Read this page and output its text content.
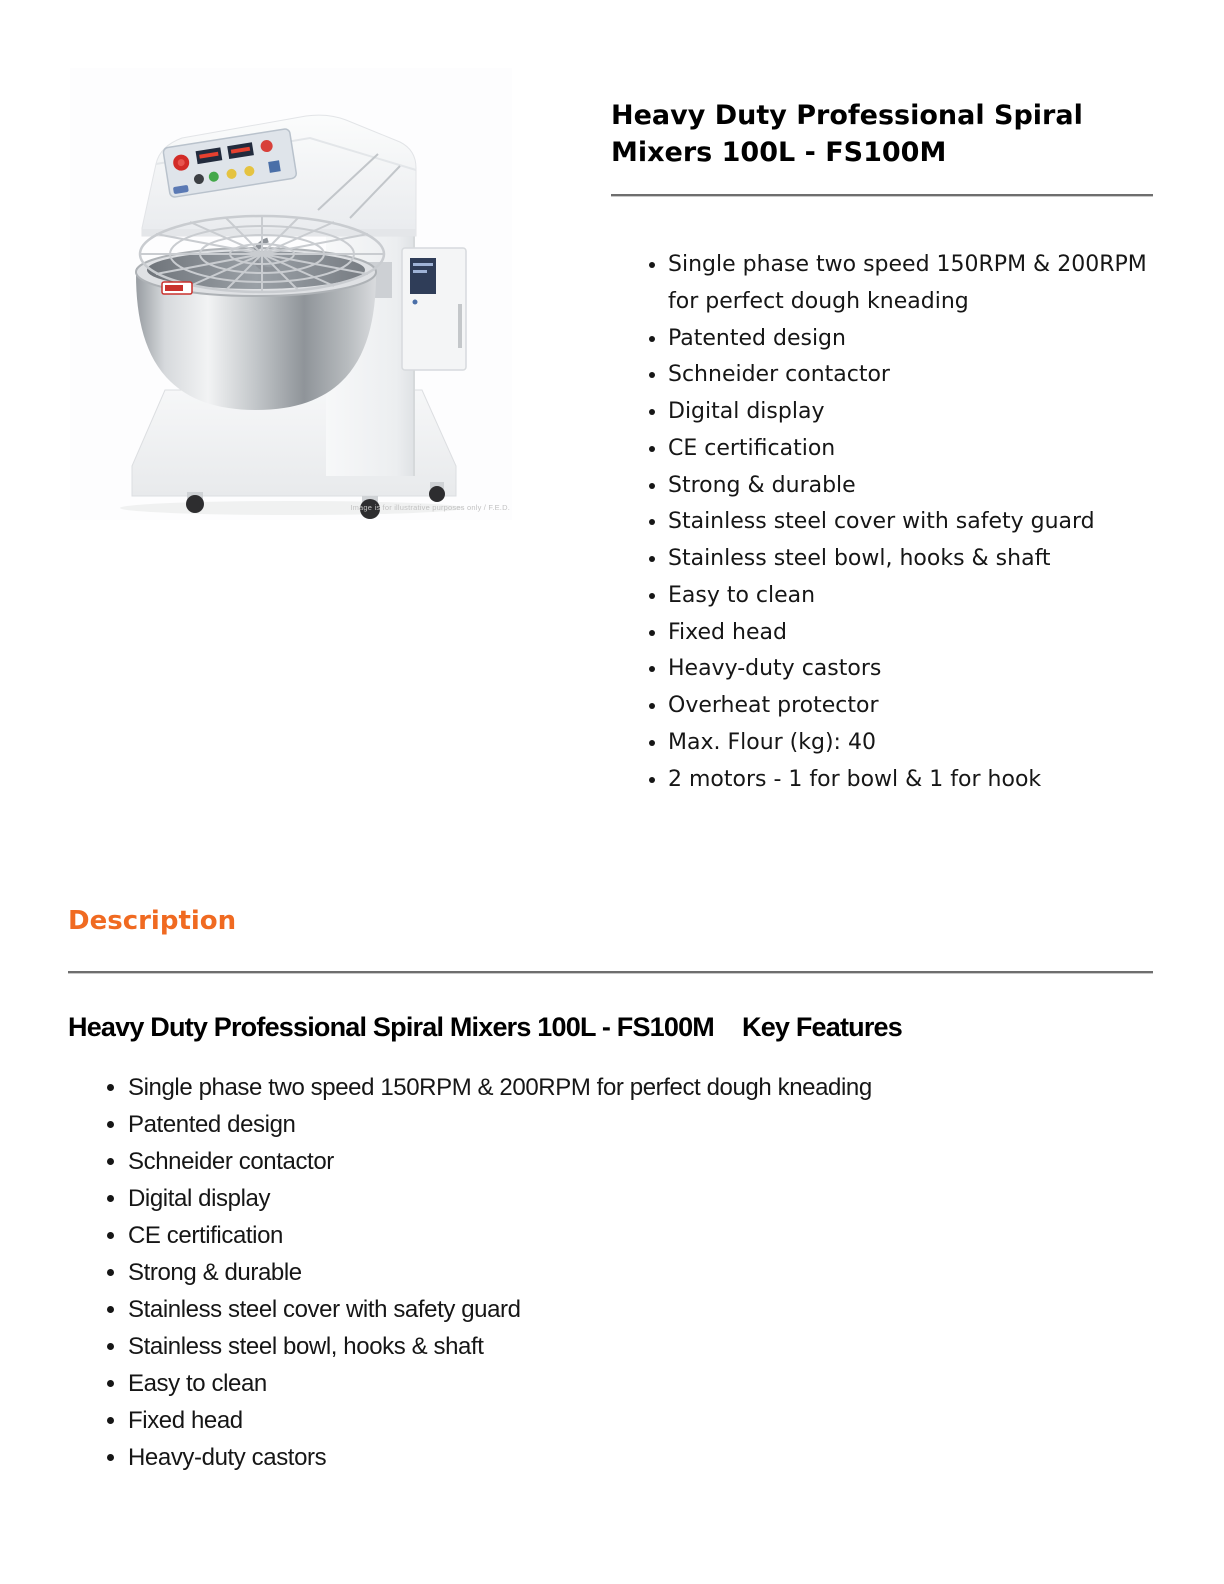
Image is for illustrative purposes only / F.E.D.
Heavy Duty Professional Spiral Mixers 100L - FS100M
• Single phase two speed 150RPM & 200RPM for perfect dough kneading
• Patented design
• Schneider contactor
• Digital display
• CE certification
• Strong & durable
• Stainless steel cover with safety guard
• Stainless steel bowl, hooks & shaft
• Easy to clean
• Fixed head
• Heavy-duty castors
• Overheat protector
• Max. Flour (kg): 40
• 2 motors - 1 for bowl & 1 for hook
Description
Heavy Duty Professional Spiral Mixers 100L - FS100M Key Features
• Single phase two speed 150RPM & 200RPM for perfect dough kneading
• Patented design
• Schneider contactor
• Digital display
• CE certification
• Strong & durable
• Stainless steel cover with safety guard
• Stainless steel bowl, hooks & shaft
• Easy to clean
• Fixed head
• Heavy-duty castors
